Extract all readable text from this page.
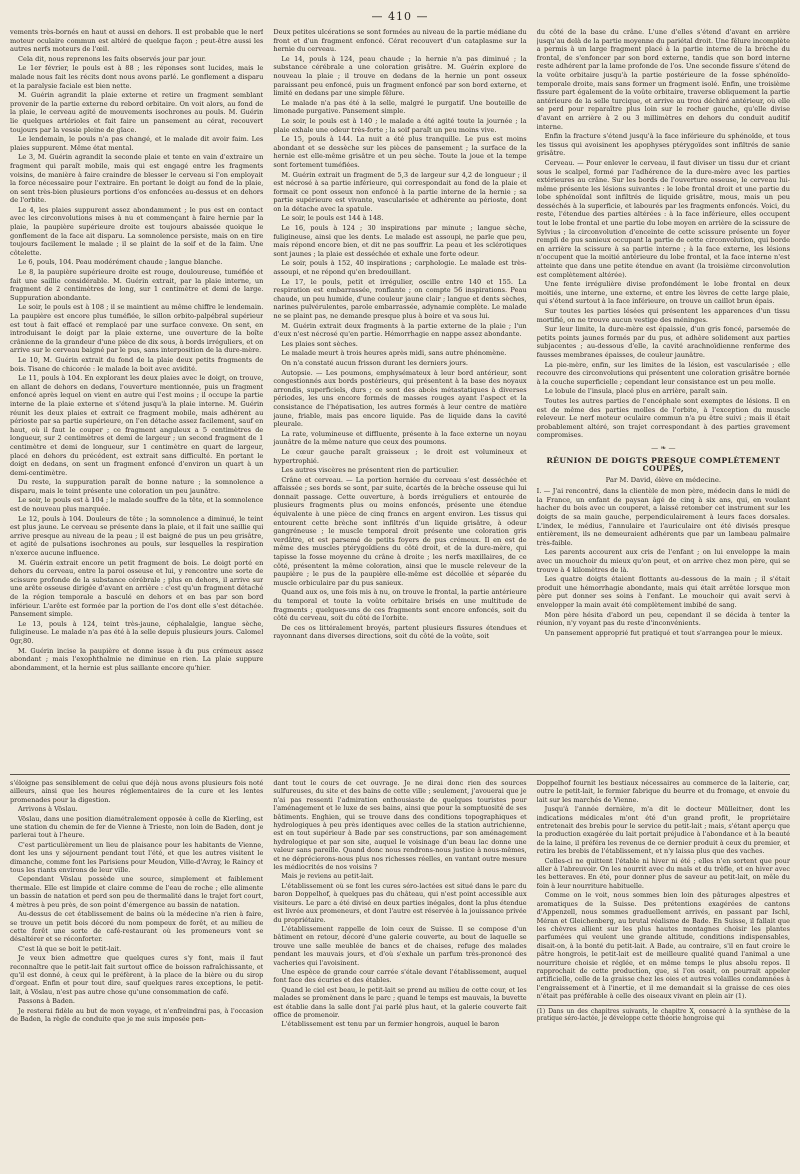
— 410 —

vements très-bornés en haut et aussi en dehors. Il est probable que le nerf moteur oculaire commun est altéré de quelque façon ; peut-être aussi les autres nerfs moteurs de l'œil.

Cela dit, nous reprenons les faits observés jour par jour.

Le 1er février, le pouls est à 88 ; les réponses sont lucides, mais le malade nous fait les récits dont nous avons parlé. Le gonflement a disparu et la paralysie faciale est bien nette.

M. Guérin agrandit la plaie externe et retire un fragment semblant provenir de la partie externe du rebord orbitaire. On voit alors, au fond de la plaie, le cerveau agité de mouvements isochrones au pouls. M. Guérin lie quelques artérioles et fait faire un pansement au cérat, recouvert toujours par la vessie pleine de glace.

Le lendemain, le pouls n'a pas changé, et le malade dit avoir faim. Les plaies suppurent. Même état mental.

Le 3, M. Guérin agrandit la seconde plaie et tente en vain d'extraire un fragment qui paraît mobile, mais qui est engagé entre les fragments voisins, de manière à faire craindre de blesser le cerveau si l'on employait la force nécessaire pour l'extraire. En portant le doigt au fond de la plaie, on sent très-bien plusieurs portions d'os enfoncées au-dessus et en dehors de l'orbite.

Le 4, les plaies suppurent assez abondamment ; le pus est en contact avec les circonvolutions mises à nu et commençant à faire hernie par la plaie, la paupière supérieure droite est toujours abaissée quoique le gonflement de la face ait disparu. La somnolence persiste, mais on en tire toujours facilement le malade ; il se plaint de la soif et de la faim. Une côtelette.

Le 6, pouls, 104. Peau modérément chaude ; langue blanche.

Le 8, la paupière supérieure droite est rouge, douloureuse, tuméfiée et fait une saillie considérable. M. Guérin extrait, par la plaie interne, un fragment de 2 centimètres de long, sur 1 centimètre et demi de large. Suppuration abondante.

Le soir, le pouls est à 108 ; il se maintient au même chiffre le lendemain. La paupière est encore plus tuméfiée, le sillon orbito-palpébral supérieur est tout à fait effacé et remplacé par une surface convexe. On sent, en introduisant le doigt par la plaie externe, une ouverture de la boîte crânienne de la grandeur d'une pièce de dix sous, à bords irréguliers, et on arrive sur le cerveau baigné par le pus, sans interposition de la dure-mère.

Le 10, M. Guérin extrait du fond de la plaie deux petits fragments de bois. Tisane de chicorée : le malade la boit avec avidité.

Le 11, pouls à 104. En explorant les deux plaies avec le doigt, on trouve, en allant de dehors en dedans, l'ouverture mentionnée, puis un fragment enfoncé après lequel on vient en autre qui l'est moins ; il occupe la partie interne de la plaie externe et s'étend jusqu'à la plaie interne. M. Guérin réunit les deux plaies et extrait ce fragment mobile, mais adhérent au périoste par sa partie supérieure, on l'en détache assez facilement, sauf en haut, où il faut le couper ; ce fragment anguleux a 5 centimètres de longueur, sur 2 centimètres et demi de largeur ; un second fragment de 1 centimètre et demi de longueur, sur 1 centimètre en quart de largeur, placé en dehors du précédent, est extrait sans difficulté. En portant le doigt en dedans, on sent un fragment enfoncé d'environ un quart à un demi-centimètre.

Du reste, la suppuration paraît de bonne nature ; la somnolence a disparu, mais le teint présente une coloration un peu jaunâtre.

Le soir, le pouls est à 104 ; le malade souffre de la tête, et la somnolence est de nouveau plus marquée.

Le 12, pouls à 104. Douleurs de tête ; la somnolence a diminué, le teint est plus jaune. Le cerveau se présente dans la plaie, et il fait une saillie qui arrive presque au niveau de la peau ; il est baigné de pus un peu grisâtre, et agité de pulsations isochrones au pouls, sur lesquelles la respiration n'exerce aucune influence.

M. Guérin extrait encore un petit fragment de bois. Le doigt porté en dehors du cerveau, entre la paroi osseuse et lui, y rencontre une sorte de scissure profonde de la substance cérébrale ; plus en dehors, il arrive sur une arête osseuse dirigée d'avant en arrière : c'est qu'un fragment détaché de la région temporale a basculé en dehors et en bas par son bord inférieur. L'arête est formée par la portion de l'os dont elle s'est détachée. Pansement simple.

Le 13, pouls à 124, teint très-jaune, céphalalgie, langue sèche, fuligineuse. Le malade n'a pas été à la selle depuis plusieurs jours. Calomel 0gr,80.

M. Guérin incise la paupière et donne issue à du pus crémeux assez abondant ; mais l'exophthalmie ne diminue en rien. La plaie suppure abondamment, et la hernie est plus saillante encore qu'hier.

Deux petites ulcérations se sont formées au niveau de la partie médiane du front et d'un fragment enfoncé. Cérat recouvert d'un cataplasme sur la hernie du cerveau.

Le 14, pouls à 124, peau chaude ; la hernie n'a pas diminué ; la substance cérébrale a une coloration grisâtre. M. Guérin explore de nouveau la plaie ; il trouve en dedans de la hernie un pont osseux paraissant peu enfoncé, puis un fragment enfoncé par son bord externe, et limité en dedans par une simple fêlure.

Le malade n'a pas été à la selle, malgré le purgatif. Une bouteille de limonade purgative. Pansement simple.

Le soir, le pouls est à 140 ; le malade a été agité toute la journée ; la plaie exhale une odeur très-forte ; la soif paraît un peu moins vive.

Le 15, pouls à 144. La nuit a été plus tranquille. Le pus est moins abondant et se dessèche sur les pièces de pansement ; la surface de la hernie est elle-même grisâtre et un peu sèche. Toute la joue et la tempe sont fortement tuméfiées.

M. Guérin extrait un fragment de 5,3 de largeur sur 4,2 de longueur ; il est nécrosé à sa partie inférieure, qui correspondait au fond de la plaie et formait ce pont osseux non enfoncé à la partie interne de la hernie ; sa partie supérieure est vivante, vascularisée et adhérente au périoste, dont on la détache avec la spatule.

Le soir, le pouls est 144 à 148.

Le 16, pouls à 124 ; 30 inspirations par minute ; langue sèche, fuligineuse, ainsi que les dents. Le malade est assoupi, ne parle que peu, mais répond encore bien, et dit ne pas souffrir. La peau et les sclérotiques sont jaunes ; la plaie est desséchée et exhale une forte odeur.

Le soir, pouls à 152, 40 inspirations ; carphologie. Le malade est très-assoupi, et ne répond qu'en bredouillant.

Le 17, le pouls, petit et irrégulier, oscille entre 140 et 155. La respiration est embarrassée, ronflante ; on compte 56 inspirations. Peau chaude, un peu humide, d'une couleur jaune clair ; langue et dents sèches, narines pulvérulentes, parole embarrassée, adynamie complète. Le malade ne se plaint pas, ne demande presque plus à boire et va sous lui.

M. Guérin extrait deux fragments à la partie externe de la plaie ; l'un d'eux n'est nécrosé qu'en partie. Hémorrhagie en nappe assez abondante.

Les plaies sont sèches.

Le malade meurt à trois heures après midi, sans autre phénomène.

On n'a constaté aucun frisson durant les derniers jours.

Autopsie. — Les poumons, emphysémateux à leur bord antérieur, sont congestionnés aux bords postérieurs, qui présentent à la base des noyaux arrondis, superficiels, durs ; ce sont des abcès métastatiques à diverses périodes, les uns encore formés de masses rouges ayant l'aspect et la consistance de l'hépatisation, les autres formés à leur centre de matière jaune, friable, mais pas encore liquide. Pas de liquide dans la cavité pleurale.

La rate, volumineuse et diffluente, présente à la face externe un noyau jaunâtre de la même nature que ceux des poumons.

Le cœur gauche paraît graisseux ; le droit est volumineux et hypertrophié.

Les autres viscères ne présentent rien de particulier.

Crâne et cerveau. — La portion herniée du cerveau s'est desséchée et affaissée ; ses bords se sont, par suite, écartés de la brèche osseuse qui lui donnait passage. Cette ouverture, à bords irréguliers et entourée de plusieurs fragments plus ou moins enfoncés, présente une étendue équivalente à une pièce de cinq francs en argent environ. Les tissus qui entourent cette brèche sont infiltrés d'un liquide grisâtre, à odeur gangréneuse ; le muscle temporal droit présente une coloration gris verdâtre, et est parsemé de petits foyers de pus crémeux. Il en est de même des muscles ptérygoïdiens du côté droit, et de la dure-mère, qui tapisse la fosse moyenne du crâne à droite ; les nerfs maxillaires, de ce côté, présentent la même coloration, ainsi que le muscle releveur de la paupière ; le pus de la paupière elle-même est décollée et séparée du muscle orbiculaire par du pus sanieux.

Quand aux os, une fois mis à nu, on trouve le frontal, la partie antérieure du temporal et toute la voûte orbitaire brisés en une multitude de fragments ; quelques-uns de ces fragments sont encore enfoncés, soit du côté du cerveau, soit du côté de l'orbite.

De ces os littéralement broyés, partent plusieurs fissures étendues et rayonnant dans diverses directions, soit du côté de la voûte, soit

du côté de la base du crâne. L'une d'elles s'étend d'avant en arrière jusqu'au delà de la partie moyenne du pariétal droit. Une fêlure incomplète a permis à un large fragment placé à la partie interne de la brèche du frontal, de s'enfoncer par son bord externe, tandis que son bord interne reste adhérent par la lame profonde de l'os. Une seconde fissure s'étend de la voûte orbitaire jusqu'à la partie postérieure de la fosse sphénoïdo-temporale droite, mais sans former un fragment isolé. Enfin, une troisième fissure part également de la voûte orbitaire, traverse obliquement la partie antérieure de la selle turcique, et arrive au trou déchiré antérieur, où elle se perd pour reparaître plus loin sur le rocher gauche, qu'elle divise d'avant en arrière à 2 ou 3 millimètres en dehors du conduit auditif interne.

Enfin la fracture s'étend jusqu'à la face inférieure du sphénoïde, et tous les tissus qui avoisinent les apophyses ptérygoïdes sont infiltrés de sanie grisâtre.

Cerveau. — Pour enlever le cerveau, il faut diviser un tissu dur et criant sous le scalpel, formé par l'adhérence de la dure-mère avec les parties extérieures au crâne. Sur les bords de l'ouverture osseuse, le cerveau lui-même présente les lésions suivantes : le lobe frontal droit et une partie du lobe sphénoïdal sont infiltrés de liquide grisâtre, mous, mais un peu desséchés à la superficie, et labourés par les fragments enfoncés. Voici, du reste, l'étendue des parties altérées : à la face inférieure, elles occupent tout le lobe frontal et une partie du lobe moyen en arrière de la scissure de Sylvius ; la circonvolution d'enceinte de cette scissure présente un foyer rempli de pus sanieux occupant la partie de cette circonvolution, qui borde en arrière la scissure à sa partie interne ; à la face externe, les lésions n'occupent que la moitié antérieure du lobe frontal, et la face interne n'est atteinte que dans une petite étendue en avant (la troisième circonvolution est complètement altérée).

Une fente irrégulière divise profondément le lobe frontal en deux moitiés, une interne, une externe, et entre les lèvres de cette large plaie, qui s'étend surtout à la face inférieure, on trouve un caillot brun épais.

Sur toutes les parties lésées qui présentent les apparences d'un tissu mortifié, on ne trouve aucun vestige des méninges.

Sur leur limite, la dure-mère est épaissie, d'un gris foncé, parsemée de petits points jaunes formés par du pus, et adhère solidement aux parties subjacentes ; au-dessous d'elle, la cavité arachnoïdienne renferme des fausses membranes épaisses, de couleur jaunâtre.

La pie-mère, enfin, sur les limites de la lésion, est vascularisée ; elle recouvre des circonvolutions qui présentent une coloration grisâtre bornée à la couche superficielle ; cependant leur consistance est un peu molle.

Le lobule de l'insula, placé plus en arrière, paraît sain.

Toutes les autres parties de l'encéphale sont exemptes de lésions. Il en est de même des parties molles de l'orbite, à l'exception du muscle releveur. Le nerf moteur oculaire commun n'a pu être suivi ; mais il était probablement altéré, son trajet correspondant à des parties gravement compromises.

— ❧ —
RÉUNION DE DOIGTS PRESQUE COMPLÈTEMENT COUPÉS,
Par M. David, élève en médecine.

I. — J'ai rencontré, dans la clientèle de mon père, médecin dans le midi de la France, un enfant de paysan âgé de cinq à six ans, qui, en voulant hacher du bois avec un couperet, a laissé retomber cet instrument sur les doigts de sa main gauche, perpendiculairement à leurs faces dorsales. L'index, le médius, l'annulaire et l'auriculaire ont été divisés presque entièrement, ils ne demeuraient adhérents que par un lambeau palmaire très-faible.

Les parents accourent aux cris de l'enfant ; on lui enveloppe la main avec un mouchoir du mieux qu'on peut, et on arrive chez mon père, qui se trouve à 4 kilomètres de là.

Les quatre doigts étaient flottants au-dessous de la main ; il s'était produit une hémorrhagie abondante, mais qui était arrêtée lorsque mon père put donner ses soins à l'enfant. Le mouchoir qui avait servi à envelopper la main avait été complètement imbibé de sang.

Mon père hésita d'abord un peu, cependant il se décida à tenter la réunion, n'y voyant pas du reste d'inconvénients.

Un pansement approprié fut pratiqué et tout s'arrangea pour le mieux.

s'éloigne pas sensiblement de celui que déjà nous avons plusieurs fois noté ailleurs, ainsi que les heures réglementaires de la cure et les lentes promenades pour la digestion.

Arrivons à Vöslau.

Vöslau, dans une position diamétralement opposée à celle de Kierling, est une station du chemin de fer de Vienne à Trieste, non loin de Baden, dont je parlerai tout à l'heure.

C'est particulièrement un lieu de plaisance pour les habitants de Vienne, dont les uns y séjournent pendant tout l'été, et que les autres visitent le dimanche, comme font les Parisiens pour Meudon, Ville-d'Avray, le Raincy et tous les riants environs de leur ville.

Cependant Vöslau possède une source, simplement et faiblement thermale. Elle est limpide et claire comme de l'eau de roche ; elle alimente un bassin de natation et perd son peu de thermalité dans le trajet fort court, 4 mètres à peu près, de son point d'émergence au bassin de natation.

Au-dessus de cet établissement de bains où la médecine n'a rien à faire, se trouve un petit bois décoré du nom pompeux de forêt, et au milieu de cette forêt une sorte de café-restaurant où les promeneurs vont se désaltérer et se réconforter.

C'est là que se boit le petit-lait.

Je veux bien admettre que quelques cures s'y font, mais il faut reconnaître que le petit-lait fait surtout office de boisson rafraîchissante, et qu'il est donné, à ceux qui le préfèrent, à la place de la bière ou du sirop d'orgeat. Enfin et pour tout dire, sauf quelques rares exceptions, le petit-lait, à Vöslau, n'est pas autre chose qu'une consommation de café.

Passons à Baden.

Je resterai fidèle au but de mon voyage, et n'enfreindrai pas, à l'occasion de Baden, la règle de conduite que je me suis imposée pen-

dant tout le cours de cet ouvrage. Je ne dirai donc rien des sources sulfureuses, du site et des bains de cette ville ; seulement, j'avouerai que je n'ai pas ressenti l'admiration enthousiaste de quelques touristes pour l'aménagement et le luxe de ses bains, ainsi que pour la somptuosité de ses bâtiments. Enghien, qui se trouve dans des conditions topographiques et hydrologiques à peu près identiques avec celles de la station autrichienne, est en tout supérieur à Bade par ses constructions, par son aménagement hydrologique et par son site, auquel le voisinage d'un beau lac donne une valeur sans pareille. Quand donc nous rendrons-nous justice à nous-mêmes, et ne déprécierons-nous plus nos richesses réelles, en vantant outre mesure les médiocrités de nos voisins ?

Mais je reviens au petit-lait.

L'établissement où se font les cures séro-lactées est situé dans le parc du baron Doppelhof, à quelques pas du château, qui n'est point accessible aux visiteurs. Le parc a été divisé en deux parties inégales, dont la plus étendue est livrée aux promeneurs, et dont l'autre est réservée à la jouissance privée du propriétaire.

L'établissement rappelle de loin ceux de Suisse. Il se compose d'un bâtiment en retour, décoré d'une galerie couverte, au bout de laquelle se trouve une salle meublée de bancs et de chaises, refuge des malades pendant les mauvais jours, et d'où s'exhale un parfum très-prononcé des vacheries qui l'avoisinent.

Une espèce de grande cour carrée s'étale devant l'établissement, auquel font face des écuries et des étables.

Quand le ciel est beau, le petit-lait se prend au milieu de cette cour, et les malades se promènent dans le parc ; quand le temps est mauvais, la buvette est établie dans la salle dont j'ai parlé plus haut, et la galerie couverte fait office de promenoir.

L'établissement est tenu par un fermier hongrois, auquel le baron

Doppelhof fournit les bestiaux nécessaires au commerce de la laiterie, car, outre le petit-lait, le fermier fabrique du beurre et du fromage, et envoie du lait sur les marchés de Vienne.

Jusqu'à l'année dernière, m'a dit le docteur Mülleitner, dont les indications médicales m'ont été d'un grand profit, le propriétaire entretenait des brebis pour le service du petit-lait ; mais, s'étant aperçu que la production exagérée du lait portait préjudice à l'abondance et à la beauté de la laine, il préféra les revenus de ce dernier produit à ceux du premier, et retira les brebis de l'établissement, et n'y laissa plus que des vaches.

Celles-ci ne quittent l'étable ni hiver ni été ; elles n'en sortent que pour aller à l'abreuvoir. On les nourrit avec du maïs et du trèfle, et en hiver avec les betteraves. En été, pour donner plus de saveur au petit-lait, on mêle du foin à leur nourriture habituelle.

Comme on le voit, nous sommes bien loin des pâturages alpestres et aromatiques de la Suisse. Des prétentions exagérées de cantons d'Appenzell, nous sommes graduellement arrivés, en passant par Ischl, Méran et Gleichenberg, au brutal réalisme de Bade. En Suisse, il fallait que les chèvres allient sur les plus hautes montagnes choisir les plantes parfumées qui veulent une grande altitude, conditions indispensables, disait-on, à la bonté du petit-lait. A Bade, au contraire, s'il en faut croire le pâtre hongrois, le petit-lait est de meilleure qualité quand l'animal a une nourriture choisie et réglée, et en même temps le plus absolu repos. Il rapprochait de cette production, que, si l'on osait, on pourrait appeler artificielle, celle de la graisse chez les oies et autres volailles condamnées à l'engraissement et à l'inertie, et il me demandait si la graisse de ces oies n'était pas préférable à celle des oiseaux vivant en plein air (1).

(1) Dans un des chapitres suivants, le chapitre X, consacré à la synthèse de la pratique séro-lactée, je développe cette théorie hongroise qui
